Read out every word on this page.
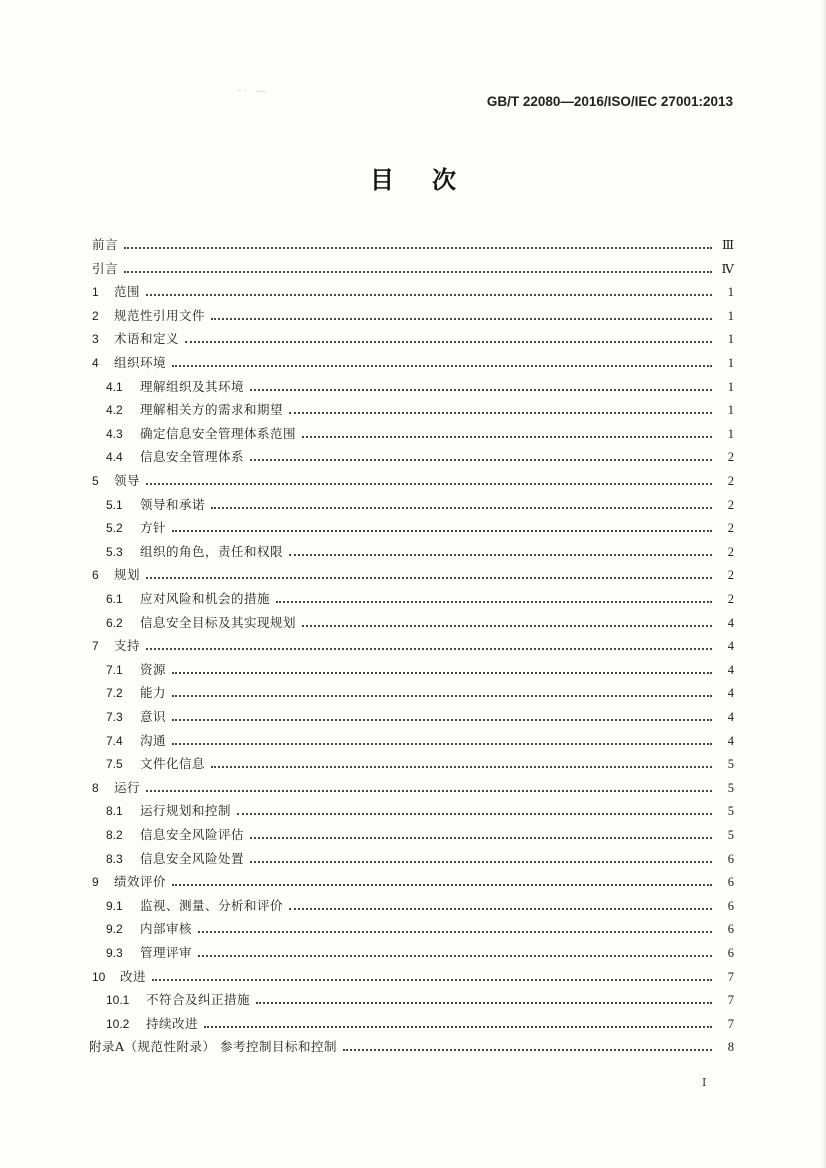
·· —
GB/T 22080—2016/ISO/IEC 27001:2013
目次
前言	Ⅲ
引言	Ⅳ
1	范围	1
2	规范性引用文件	1
3	术语和定义	1
4	组织环境	1
4.1	理解组织及其环境	1
4.2	理解相关方的需求和期望	1
4.3	确定信息安全管理体系范围	1
4.4	信息安全管理体系	2
5	领导	2
5.1	领导和承诺	2
5.2	方针	2
5.3	组织的角色，责任和权限	2
6	规划	2
6.1	应对风险和机会的措施	2
6.2	信息安全目标及其实现规划	4
7	支持	4
7.1	资源	4
7.2	能力	4
7.3	意识	4
7.4	沟通	4
7.5	文件化信息	5
8	运行	5
8.1	运行规划和控制	5
8.2	信息安全风险评估	5
8.3	信息安全风险处置	6
9	绩效评价	6
9.1	监视、测量、分析和评价	6
9.2	内部审核	6
9.3	管理评审	6
10	改进	7
10.1	不符合及纠正措施	7
10.2	持续改进	7
附录A（规范性附录） 参考控制目标和控制	8
I
